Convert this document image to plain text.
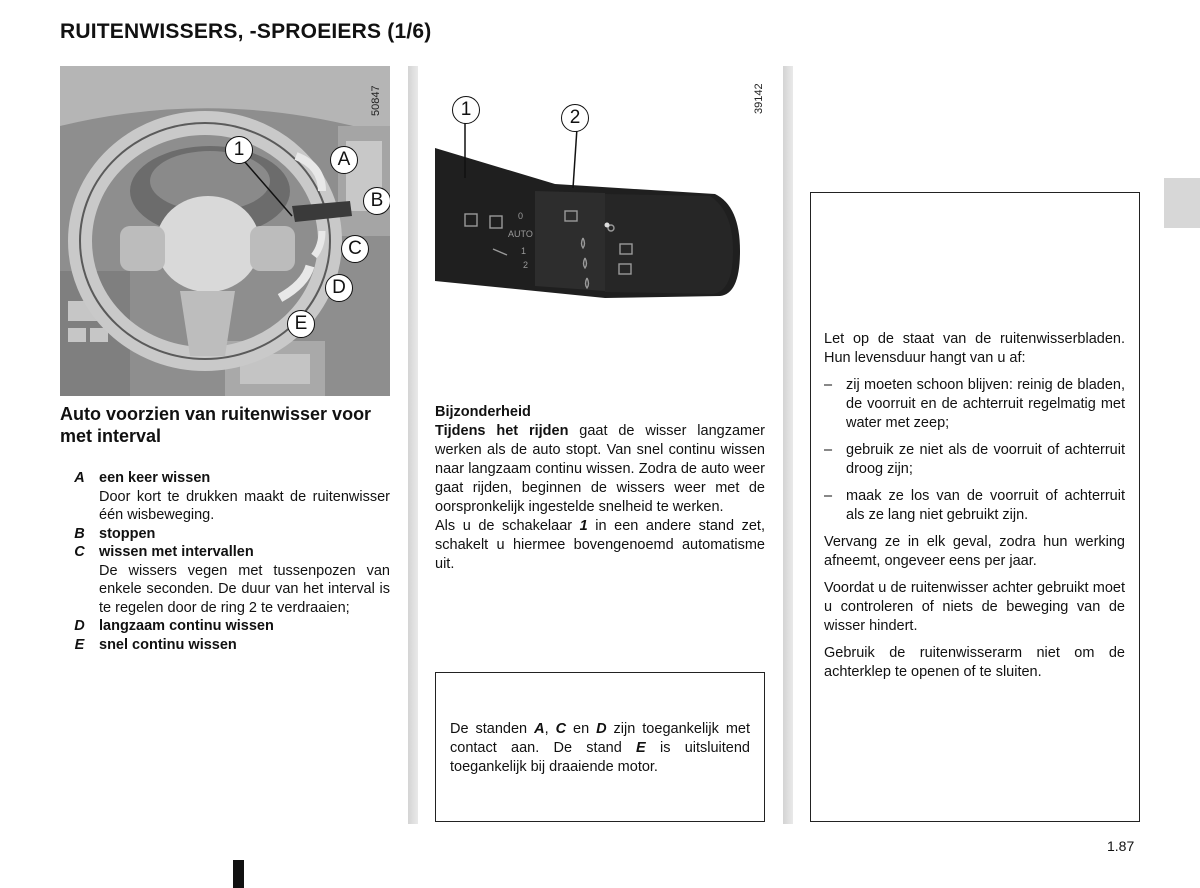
RUITENWISSERS, -SPROEIERS (1/6)
50847
1	A
B
C
D
E
39142
1	2
AUTO
0
1
2
Auto voorzien van ruitenwisser voor met interval
A een keer wissen
Door kort te drukken maakt de ruitenwisser één wisbeweging.
B stoppen
C wissen met intervallen
De wissers vegen met tussenpozen van enkele seconden. De duur van het interval is te regelen door de ring 2 te verdraaien;
D langzaam continu wissen
E	snel continu wissen
Bijzonderheid
Tijdens het rijden gaat de wisser langzamer werken als de auto stopt. Van snel continu wissen naar langzaam continu wissen. Zodra de auto weer gaat rijden, beginnen de wissers weer met de oorspronkelijk ingestelde snelheid te werken.
Als u de schakelaar 1 in een andere stand zet, schakelt u hiermee bovengenoemd automatisme uit.
De standen A, C en D zijn toegankelijk met contact aan. De stand E is uitsluitend toegankelijk bij draaiende motor.

Let op de staat van de ruitenwisserbladen. Hun levensduur hangt van u af:

– zij moeten schoon blijven: reinig de bladen, de voorruit en de achterruit regelmatig met water met zeep;
– gebruik ze niet als de voorruit of achterruit droog zijn;
– maak ze los van de voorruit of achterruit als ze lang niet gebruikt zijn.

Vervang ze in elk geval, zodra hun werking afneemt, ongeveer eens per jaar.

Voordat u de ruitenwisser achter gebruikt moet u controleren of niets de beweging van de wisser hindert.

Gebruik de ruitenwisserarm niet om de achterklep te openen of te sluiten.

1.87
